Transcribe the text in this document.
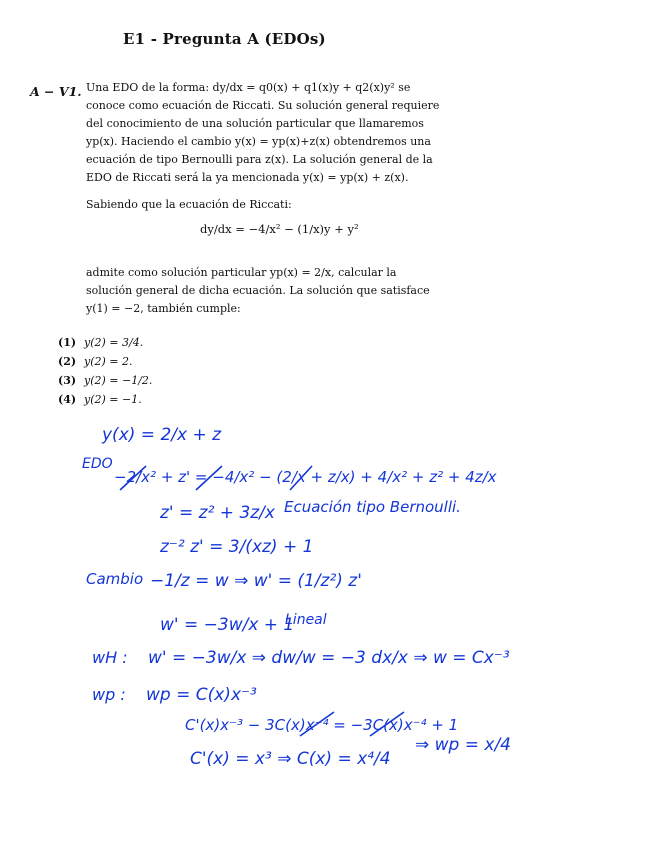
E1 - Pregunta A (EDOs)
A − V1. Una EDO de la forma: dy/dx = q0(x) + q1(x)y + q2(x)y² se conoce como ecuación de Riccati. Su solución general requiere del conocimiento de una solución particular que llamaremos yp(x). Haciendo el cambio y(x) = yp(x)+z(x) obtendremos una ecuación de tipo Bernoulli para z(x). La solución general de la EDO de Riccati será la ya mencionada y(x) = yp(x) + z(x).
Sabiendo que la ecuación de Riccati:
dy/dx = −4/x² − (1/x)y + y²
admite como solución particular yp(x) = 2/x, calcular la solución general de dicha ecuación. La solución que satisface y(1) = −2, también cumple:
(1) y(2) = 3/4.
(2) y(2) = 2.
(3) y(2) = −1/2.
(4) y(2) = −1.
y(x) = 2/x + z
EDO
−2/x² + z' = −4/x² − (2/x + z/x) + 4/x² + z² + 4z/x
z' = z² + 3z/x Ecuación tipo Bernoulli.
z⁻² z' = 3/(xz) + 1
Cambio −1/z = w ⇒ w' = (1/z²) z'
w' = −3w/x + 1
Lineal
wH : w' = −3w/x ⇒ dw/w = −3 dx/x ⇒ w = Cx⁻³
wp : wp = C(x)x⁻³
C'(x)x⁻³ − 3C(x)x⁻⁴ = −3C(x)x⁻⁴ + 1
C'(x) = x³ ⇒ C(x) = x⁴/4
⇒ wp = x/4
